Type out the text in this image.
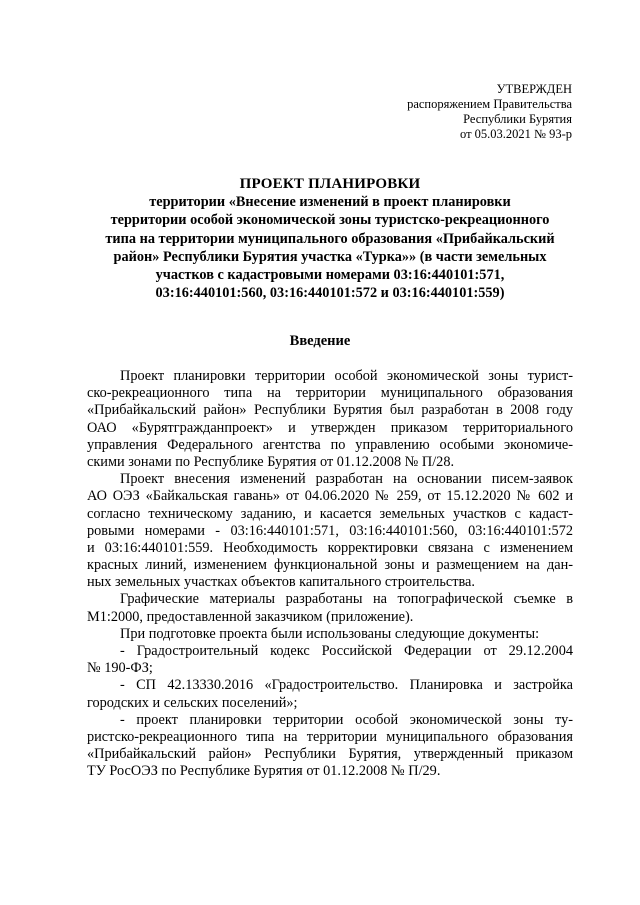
УТВЕРЖДЕН
распоряжением Правительства
Республики Бурятия
от 05.03.2021 № 93-р
ПРОЕКТ ПЛАНИРОВКИ
территории «Внесение изменений в проект планировки
территории особой экономической зоны туристско-рекреационного
типа на территории муниципального образования «Прибайкальский
район» Республики Бурятия участка «Турка»» (в части земельных
участков с кадастровыми номерами 03:16:440101:571,
03:16:440101:560, 03:16:440101:572 и 03:16:440101:559)
Введение
Проект планировки территории особой экономической зоны турист-
ско-рекреационного типа на территории муниципального образования
«Прибайкальский район» Республики Бурятия был разработан в 2008 году
ОАО «Бурятгражданпроект» и утвержден приказом территориального
управления Федерального агентства по управлению особыми экономиче-
скими зонами по Республике Бурятия от 01.12.2008 № П/28.
Проект внесения изменений разработан на основании писем-заявок
АО ОЭЗ «Байкальская гавань» от 04.06.2020 № 259, от 15.12.2020 № 602 и
согласно техническому заданию, и касается земельных участков с кадаст-
ровыми номерами - 03:16:440101:571, 03:16:440101:560, 03:16:440101:572
и 03:16:440101:559. Необходимость корректировки связана с изменением
красных линий, изменением функциональной зоны и размещением на дан-
ных земельных участках объектов капитального строительства.
Графические материалы разработаны на топографической съемке в
М1:2000, предоставленной заказчиком (приложение).
При подготовке проекта были использованы следующие документы:
- Градостроительный кодекс Российской Федерации от 29.12.2004
№ 190-ФЗ;
- СП 42.13330.2016 «Градостроительство. Планировка и застройка
городских и сельских поселений»;
- проект планировки территории особой экономической зоны ту-
ристско-рекреационного типа на территории муниципального образования
«Прибайкальский район» Республики Бурятия, утвержденный приказом
ТУ РосОЭЗ по Республике Бурятия от 01.12.2008 № П/29.
